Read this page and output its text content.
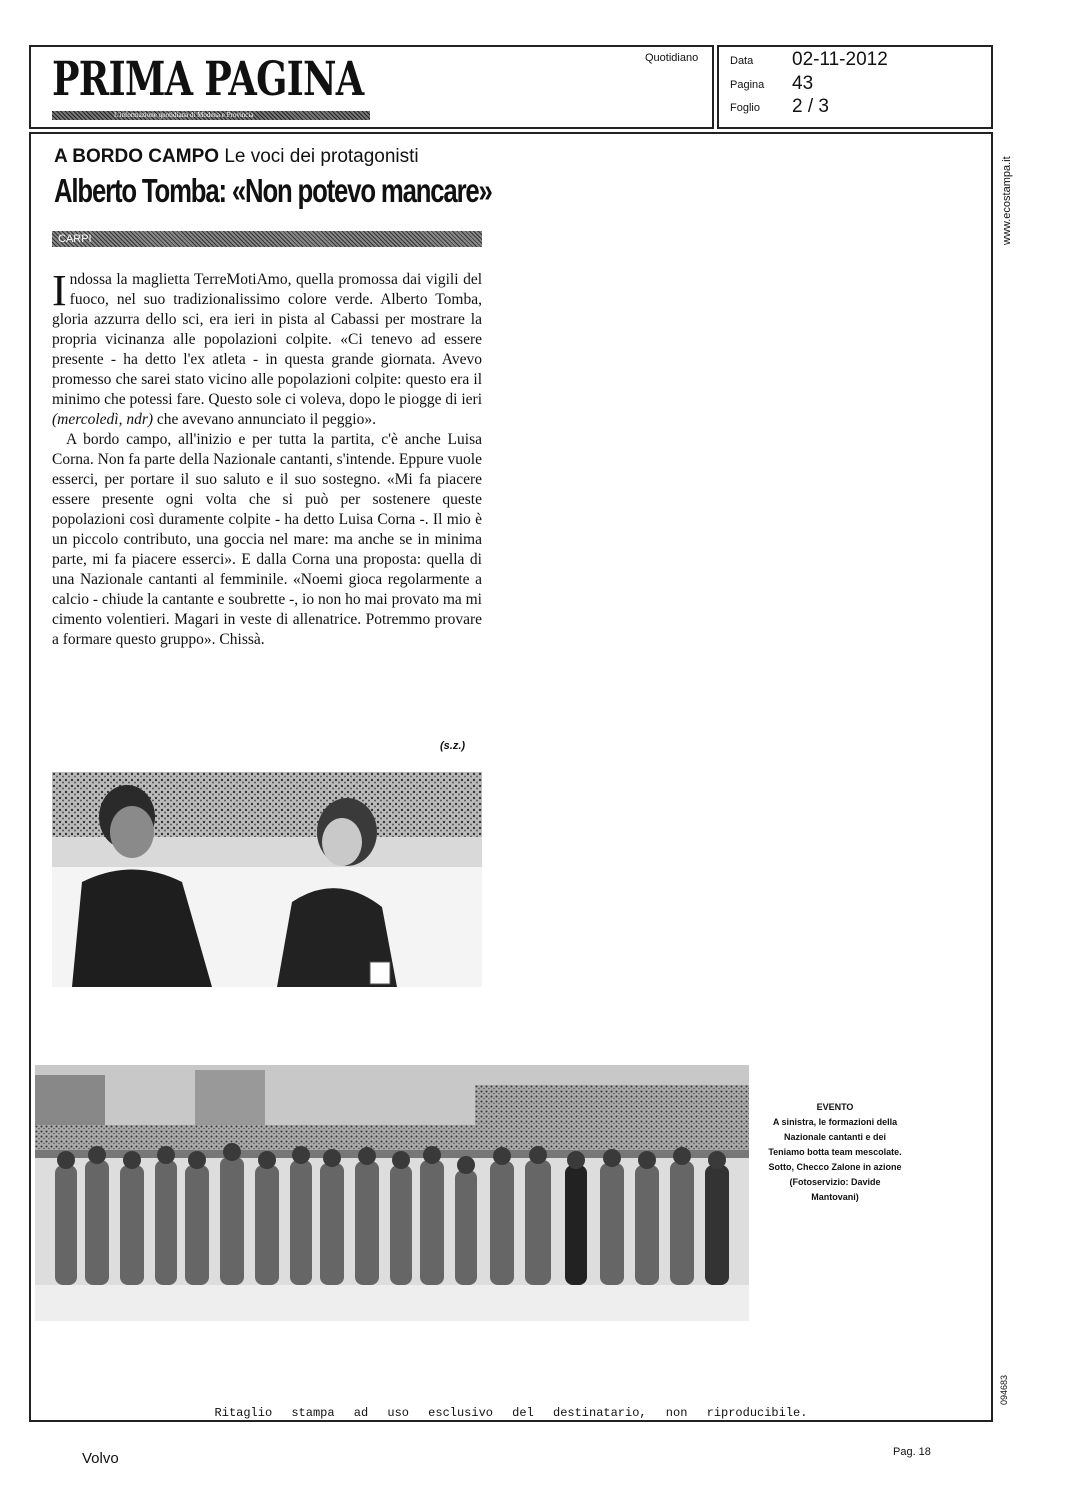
PRIMA PAGINA
L'informazione quotidiana di Modena e Provincia
Quotidiano	Data 02-11-2012
Pagina 43
Foglio 2 / 3
A BORDO CAMPO Le voci dei protagonisti
Alberto Tomba: «Non potevo mancare»
CARPI

Indossa la maglietta TerreMotiAmo, quella promossa dai vigili del fuoco, nel suo tradizionalissimo colore verde. Alberto Tomba, gloria azzurra dello sci, era ieri in pista al Cabassi per mostrare la propria vicinanza alle popolazioni colpite. «Ci tenevo ad essere presente - ha detto l'ex atleta - in questa grande giornata. Avevo promesso che sarei stato vicino alle popolazioni colpite: questo era il minimo che potessi fare. Questo sole ci voleva, dopo le piogge di ieri (mercoledì, ndr) che avevano annunciato il peggio».

A bordo campo, all'inizio e per tutta la partita, c'è anche Luisa Corna. Non fa parte della Nazionale cantanti, s'intende. Eppure vuole esserci, per portare il suo saluto e il suo sostegno. «Mi fa piacere essere presente ogni volta che si può per sostenere queste popolazioni così duramente colpite - ha detto Luisa Corna -. Il mio è un piccolo contributo, una goccia nel mare: ma anche se in minima parte, mi fa piacere esserci». E dalla Corna una proposta: quella di una Nazionale cantanti al femminile. «Noemi gioca regolarmente a calcio - chiude la cantante e soubrette -, io non ho mai provato ma mi cimento volentieri. Magari in veste di allenatrice. Potremmo provare a formare questo gruppo». Chissà.

(s.z.)
EVENTO
A sinistra, le formazioni della Nazionale cantanti e dei Teniamo botta team mescolate. Sotto, Checco Zalone in azione (Fotoservizio: Davide Mantovani)
www.ecostampa.it
094683
Ritaglio stampa ad uso esclusivo del destinatario, non riproducibile.
Volvo	Pag. 18
